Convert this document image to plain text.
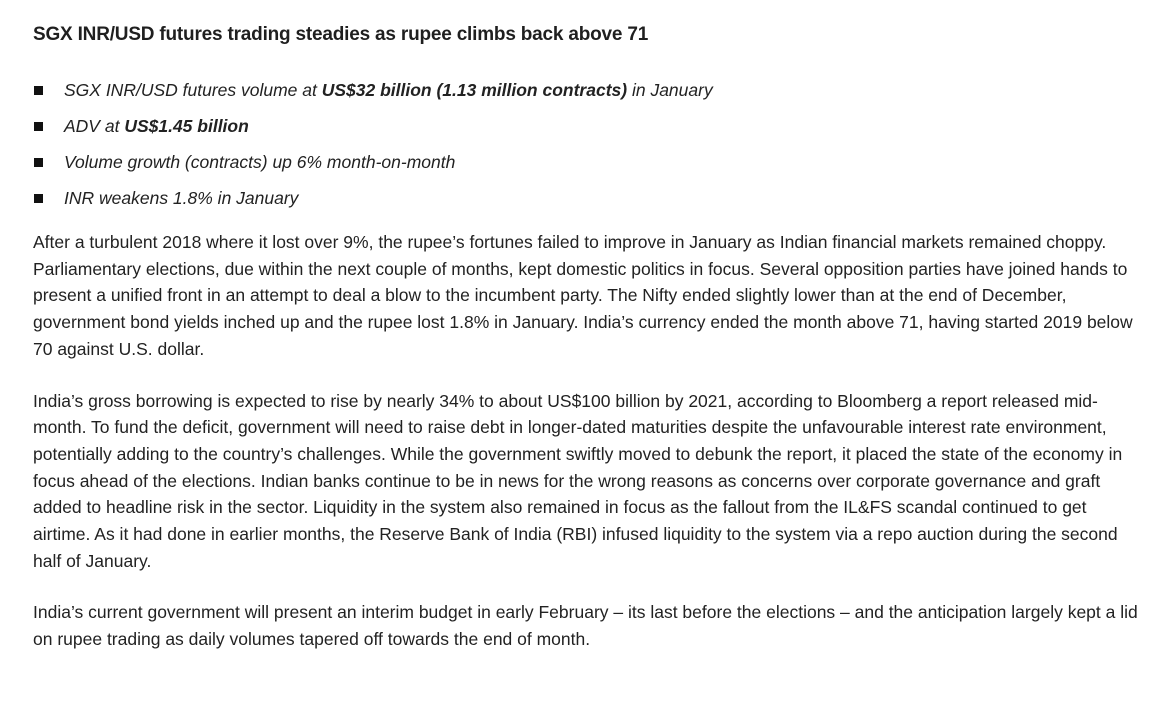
SGX INR/USD futures trading steadies as rupee climbs back above 71
SGX INR/USD futures volume at US$32 billion (1.13 million contracts) in January
ADV at US$1.45 billion
Volume growth (contracts) up 6% month-on-month
INR weakens 1.8% in January

After a turbulent 2018 where it lost over 9%, the rupee’s fortunes failed to improve in January as Indian financial markets remained choppy. Parliamentary elections, due within the next couple of months, kept domestic politics in focus. Several opposition parties have joined hands to present a unified front in an attempt to deal a blow to the incumbent party. The Nifty ended slightly lower than at the end of December, government bond yields inched up and the rupee lost 1.8% in January. India’s currency ended the month above 71, having started 2019 below 70 against U.S. dollar.

India’s gross borrowing is expected to rise by nearly 34% to about US$100 billion by 2021, according to Bloomberg a report released mid-month. To fund the deficit, government will need to raise debt in longer-dated maturities despite the unfavourable interest rate environment, potentially adding to the country’s challenges. While the government swiftly moved to debunk the report, it placed the state of the economy in focus ahead of the elections. Indian banks continue to be in news for the wrong reasons as concerns over corporate governance and graft added to headline risk in the sector. Liquidity in the system also remained in focus as the fallout from the IL&FS scandal continued to get airtime. As it had done in earlier months, the Reserve Bank of India (RBI) infused liquidity to the system via a repo auction during the second half of January.

India’s current government will present an interim budget in early February – its last before the elections – and the anticipation largely kept a lid on rupee trading as daily volumes tapered off towards the end of month.
